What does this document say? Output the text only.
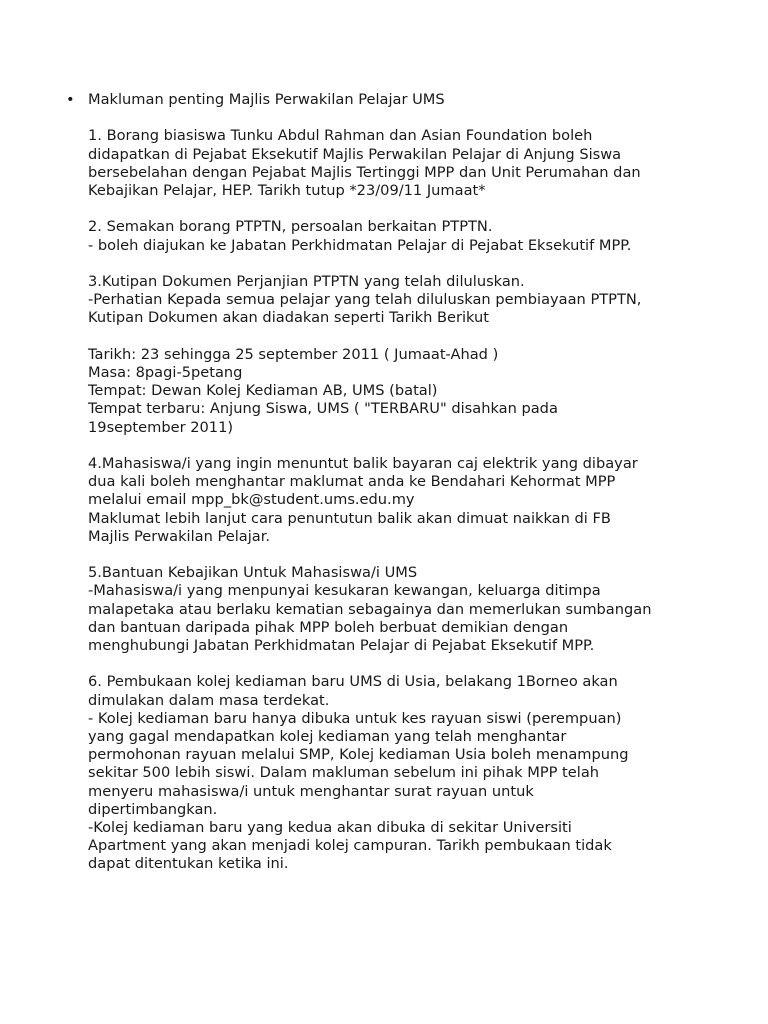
• Makluman penting Majlis Perwakilan Pelajar UMS

1. Borang biasiswa Tunku Abdul Rahman dan Asian Foundation boleh
didapatkan di Pejabat Eksekutif Majlis Perwakilan Pelajar di Anjung Siswa
bersebelahan dengan Pejabat Majlis Tertinggi MPP dan Unit Perumahan dan
Kebajikan Pelajar, HEP. Tarikh tutup *23/09/11 Jumaat*

2. Semakan borang PTPTN, persoalan berkaitan PTPTN.
- boleh diajukan ke Jabatan Perkhidmatan Pelajar di Pejabat Eksekutif MPP.

3.Kutipan Dokumen Perjanjian PTPTN yang telah diluluskan.
-Perhatian Kepada semua pelajar yang telah diluluskan pembiayaan PTPTN,
Kutipan Dokumen akan diadakan seperti Tarikh Berikut

Tarikh: 23 sehingga 25 september 2011 ( Jumaat-Ahad )
Masa: 8pagi-5petang
Tempat: Dewan Kolej Kediaman AB, UMS (batal)
Tempat terbaru: Anjung Siswa, UMS ( "TERBARU" disahkan pada
19september 2011)

4.Mahasiswa/i yang ingin menuntut balik bayaran caj elektrik yang dibayar
dua kali boleh menghantar maklumat anda ke Bendahari Kehormat MPP
melalui email mpp_bk@student.ums.edu.my
Maklumat lebih lanjut cara penuntutun balik akan dimuat naikkan di FB
Majlis Perwakilan Pelajar.

5.Bantuan Kebajikan Untuk Mahasiswa/i UMS
-Mahasiswa/i yang menpunyai kesukaran kewangan, keluarga ditimpa
malapetaka atau berlaku kematian sebagainya dan memerlukan sumbangan
dan bantuan daripada pihak MPP boleh berbuat demikian dengan
menghubungi Jabatan Perkhidmatan Pelajar di Pejabat Eksekutif MPP.

6. Pembukaan kolej kediaman baru UMS di Usia, belakang 1Borneo akan
dimulakan dalam masa terdekat.
- Kolej kediaman baru hanya dibuka untuk kes rayuan siswi (perempuan)
yang gagal mendapatkan kolej kediaman yang telah menghantar
permohonan rayuan melalui SMP, Kolej kediaman Usia boleh menampung
sekitar 500 lebih siswi. Dalam makluman sebelum ini pihak MPP telah
menyeru mahasiswa/i untuk menghantar surat rayuan untuk
dipertimbangkan.
-Kolej kediaman baru yang kedua akan dibuka di sekitar Universiti
Apartment yang akan menjadi kolej campuran. Tarikh pembukaan tidak
dapat ditentukan ketika ini.
